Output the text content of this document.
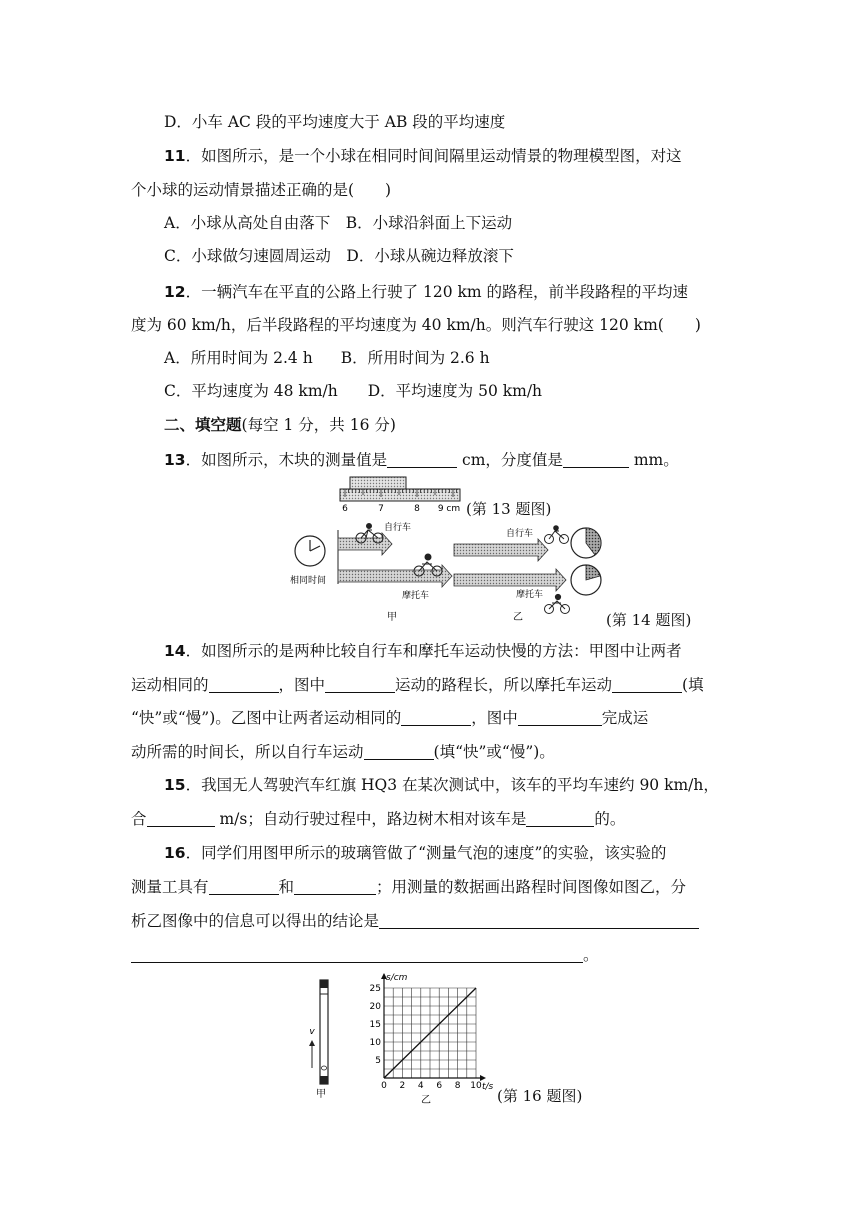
D．小车 AC 段的平均速度大于 AB 段的平均速度
11．如图所示，是一个小球在相同时间间隔里运动情景的物理模型图，对这
个小球的运动情景描述正确的是(　　)
A．小球从高处自由落下　 B．小球沿斜面上下运动
C．小球做匀速圆周运动　 D．小球从碗边释放滚下
12．一辆汽车在平直的公路上行驶了 120 km 的路程，前半段路程的平均速
度为 60 km/h，后半段路程的平均速度为 40 km/h。则汽车行驶这 120 km(　　)
A．所用时间为 2.4 h B．所用时间为 2.6 h
C．平均速度为 48 km/h D．平均速度为 50 km/h
二、填空题(每空 1 分，共 16 分)
13．如图所示，木块的测量值是	cm，分度值是	mm。
6	7	8 9 cm (第 13 题图)
相同时间
自行车
摩托车
甲
自行车
摩托车
乙	(第 14 题图)
14．如图所示的是两种比较自行车和摩托车运动快慢的方法：甲图中让两者
运动相同的	，图中	运动的路程长，所以摩托车运动	(填
“快”或“慢”)。乙图中让两者运动相同的	，图中	完成运
动所需的时间长，所以自行车运动	(填“快”或“慢”)。
15．我国无人驾驶汽车红旗 HQ3 在某次测试中，该车的平均车速约 90 km/h，
合	m/s；自动行驶过程中，路边树木相对该车是	的。
16．同学们用图甲所示的玻璃管做了“测量气泡的速度”的实验，该实验的
测量工具有	和	；用测量的数据画出路程时间图像如图乙，分
析乙图像中的信息可以得出的结论是
。
v
甲
0 2 4 6 8 10
5
10
15
20
25
s/cm
t/s
乙	(第 16 题图)
